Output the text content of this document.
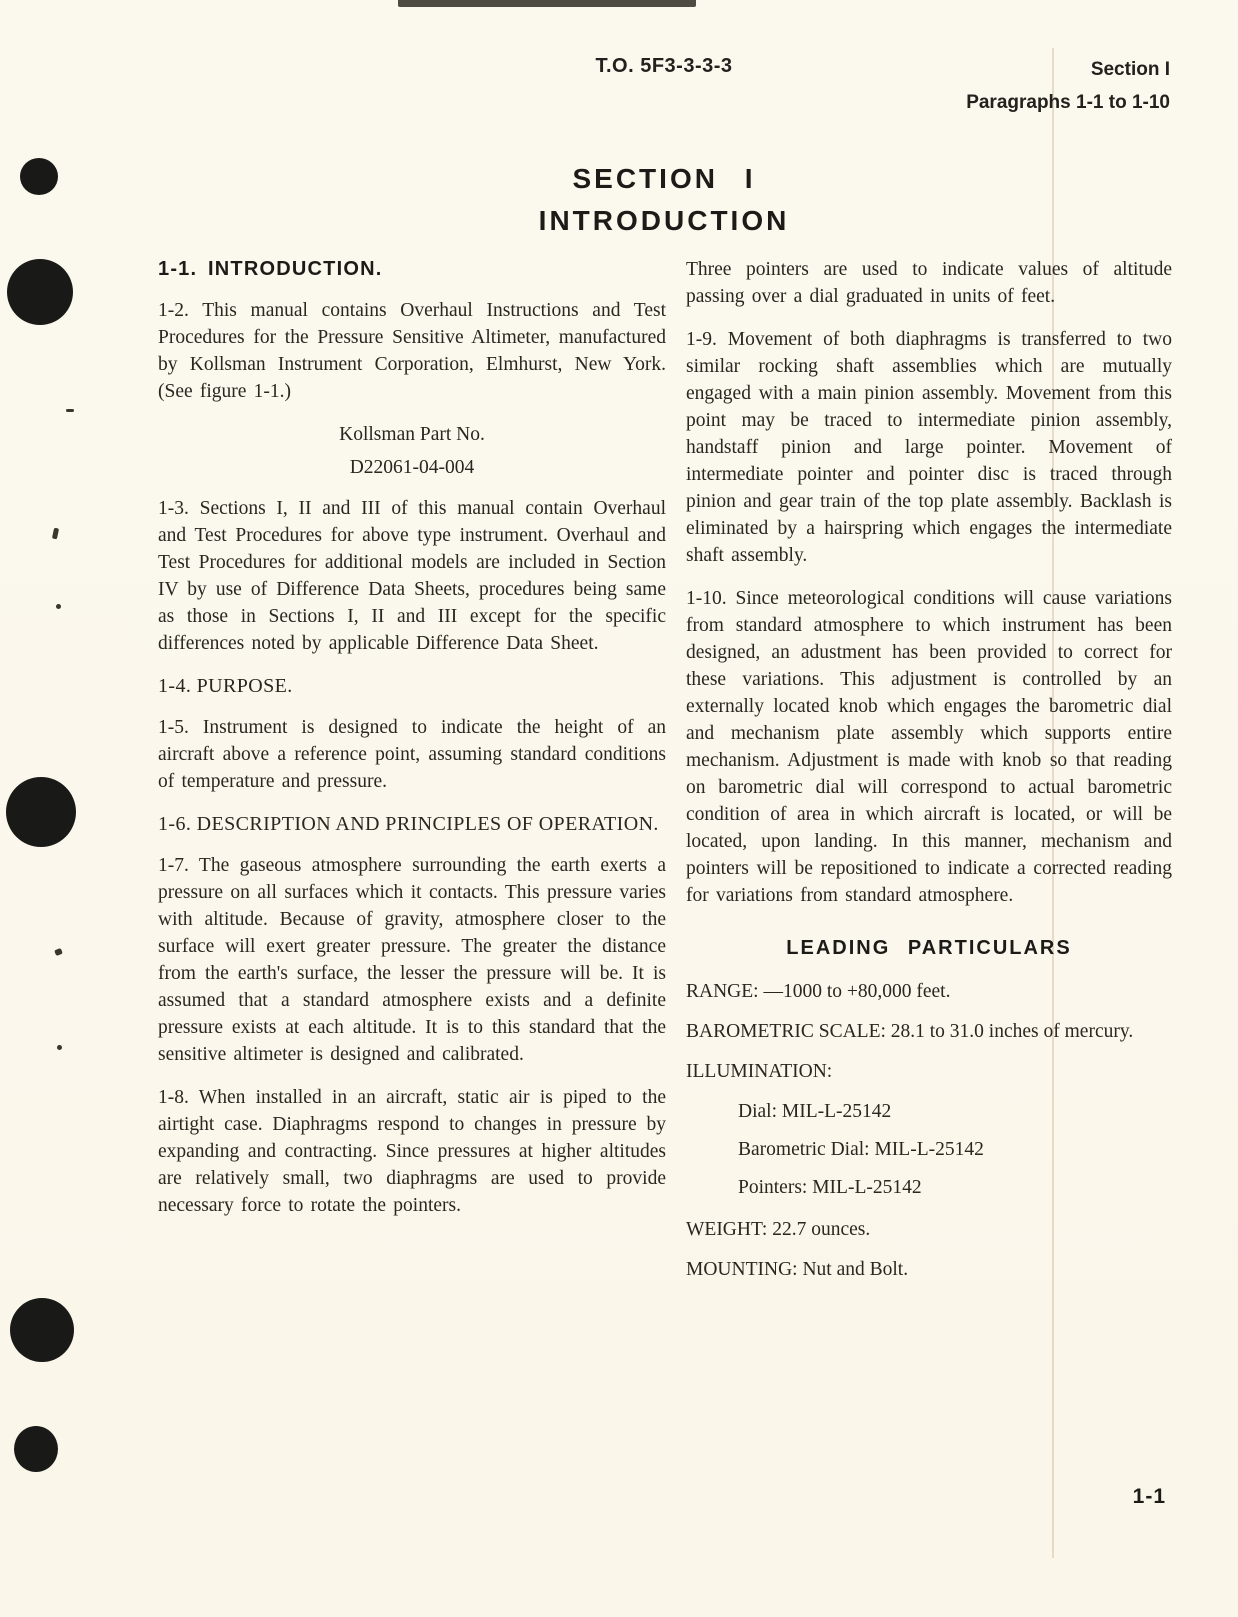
T.O. 5F3-3-3-3	Section I
Paragraphs 1-1 to 1-10
SECTION I
INTRODUCTION
1-1. INTRODUCTION.

1-2. This manual contains Overhaul Instructions and Test Procedures for the Pressure Sensitive Altimeter, manufactured by Kollsman Instrument Corporation, Elmhurst, New York. (See figure 1-1.)

Kollsman Part No.
D22061-04-004

1-3. Sections I, II and III of this manual contain Overhaul and Test Procedures for above type instrument. Overhaul and Test Procedures for additional models are included in Section IV by use of Difference Data Sheets, procedures being same as those in Sections I, II and III except for the specific differences noted by applicable Difference Data Sheet.

1-4. PURPOSE.

1-5. Instrument is designed to indicate the height of an aircraft above a reference point, assuming standard conditions of temperature and pressure.

1-6. DESCRIPTION AND PRINCIPLES OF OPERATION.

1-7. The gaseous atmosphere surrounding the earth exerts a pressure on all surfaces which it contacts. This pressure varies with altitude. Because of gravity, atmosphere closer to the surface will exert greater pressure. The greater the distance from the earth's surface, the lesser the pressure will be. It is assumed that a standard atmosphere exists and a definite pressure exists at each altitude. It is to this standard that the sensitive altimeter is designed and calibrated.

1-8. When installed in an aircraft, static air is piped to the airtight case. Diaphragms respond to changes in pressure by expanding and contracting. Since pressures at higher altitudes are relatively small, two diaphragms are used to provide necessary force to rotate the pointers.

Three pointers are used to indicate values of altitude passing over a dial graduated in units of feet.

1-9. Movement of both diaphragms is transferred to two similar rocking shaft assemblies which are mutually engaged with a main pinion assembly. Movement from this point may be traced to intermediate pinion assembly, handstaff pinion and large pointer. Movement of intermediate pointer and pointer disc is traced through pinion and gear train of the top plate assembly. Backlash is eliminated by a hairspring which engages the intermediate shaft assembly.

1-10. Since meteorological conditions will cause variations from standard atmosphere to which instrument has been designed, an adustment has been provided to correct for these variations. This adjustment is controlled by an externally located knob which engages the barometric dial and mechanism plate assembly which supports entire mechanism. Adjustment is made with knob so that reading on barometric dial will correspond to actual barometric condition of area in which aircraft is located, or will be located, upon landing. In this manner, mechanism and pointers will be repositioned to indicate a corrected reading for variations from standard atmosphere.

LEADING PARTICULARS
RANGE: —1000 to +80,000 feet.
BAROMETRIC SCALE: 28.1 to 31.0 inches of mercury.
ILLUMINATION:
Dial: MIL-L-25142
Barometric Dial: MIL-L-25142
Pointers: MIL-L-25142
WEIGHT: 22.7 ounces.
MOUNTING: Nut and Bolt.
1-1
